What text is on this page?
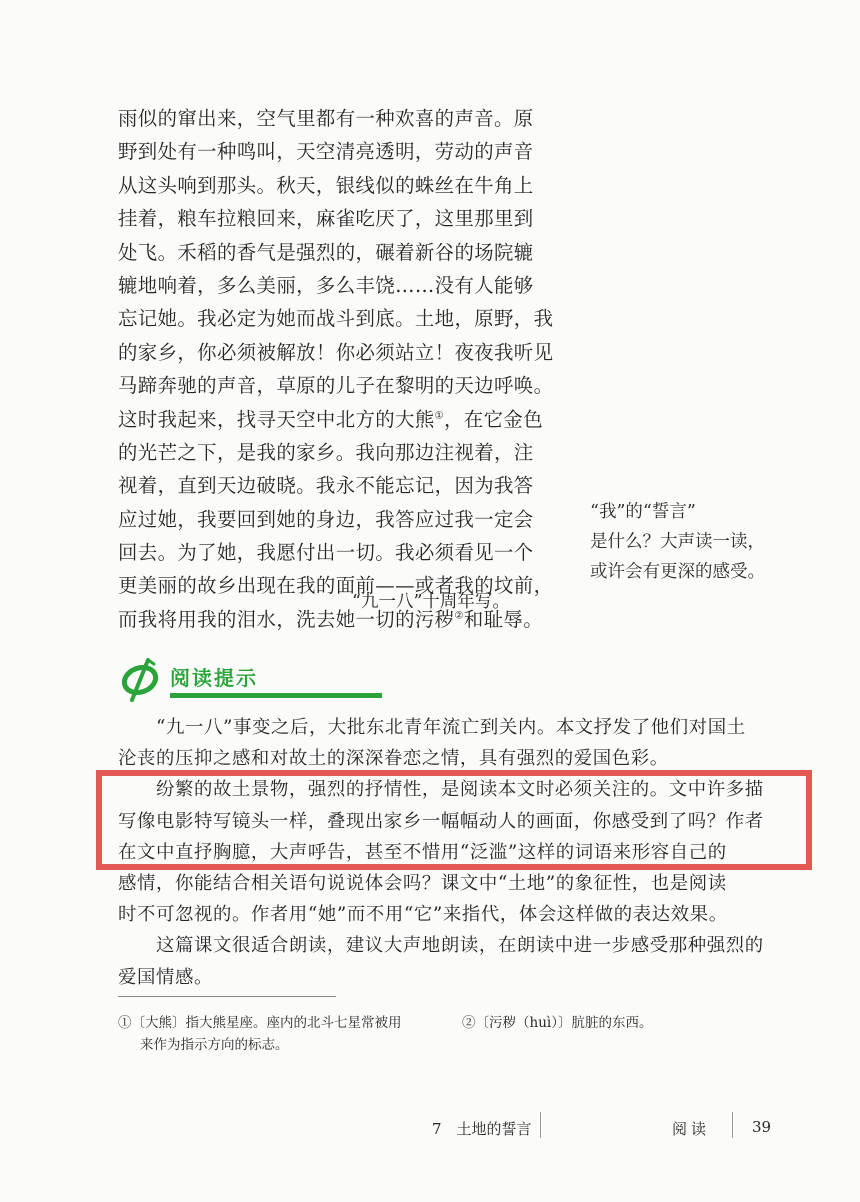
雨似的窜出来，空气里都有一种欢喜的声音。原
野到处有一种鸣叫，天空清亮透明，劳动的声音
从这头响到那头。秋天，银线似的蛛丝在牛角上
挂着，粮车拉粮回来，麻雀吃厌了，这里那里到
处飞。禾稻的香气是强烈的，碾着新谷的场院辘
辘地响着，多么美丽，多么丰饶……没有人能够
忘记她。我必定为她而战斗到底。土地，原野，我
的家乡，你必须被解放！你必须站立！夜夜我听见
马蹄奔驰的声音，草原的儿子在黎明的天边呼唤。
这时我起来，找寻天空中北方的大熊①，在它金色
的光芒之下，是我的家乡。我向那边注视着，注
视着，直到天边破晓。我永不能忘记，因为我答
应过她，我要回到她的身边，我答应过我一定会
回去。为了她，我愿付出一切。我必须看见一个
更美丽的故乡出现在我的面前——或者我的坟前，
而我将用我的泪水，洗去她一切的污秽②和耻辱。
“九一八”十周年写。
“我”的“誓言”
是什么？大声读一读，
或许会有更深的感受。
阅读提示
“九一八”事变之后，大批东北青年流亡到关内。本文抒发了他们对国土
沦丧的压抑之感和对故土的深深眷恋之情，具有强烈的爱国色彩。
纷繁的故土景物，强烈的抒情性，是阅读本文时必须关注的。文中许多描
写像电影特写镜头一样，叠现出家乡一幅幅动人的画面，你感受到了吗？作者
在文中直抒胸臆，大声呼告，甚至不惜用“泛滥”这样的词语来形容自己的
感情，你能结合相关语句说说体会吗？课文中“土地”的象征性，也是阅读
时不可忽视的。作者用“她”而不用“它”来指代，体会这样做的表达效果。
这篇课文很适合朗读，建议大声地朗读，在朗读中进一步感受那种强烈的
爱国情感。
①〔大熊〕指大熊星座。座内的北斗七星常被用
来作为指示方向的标志。
②〔污秽（huì）〕肮脏的东西。
7　土地的誓言	阅读	39
